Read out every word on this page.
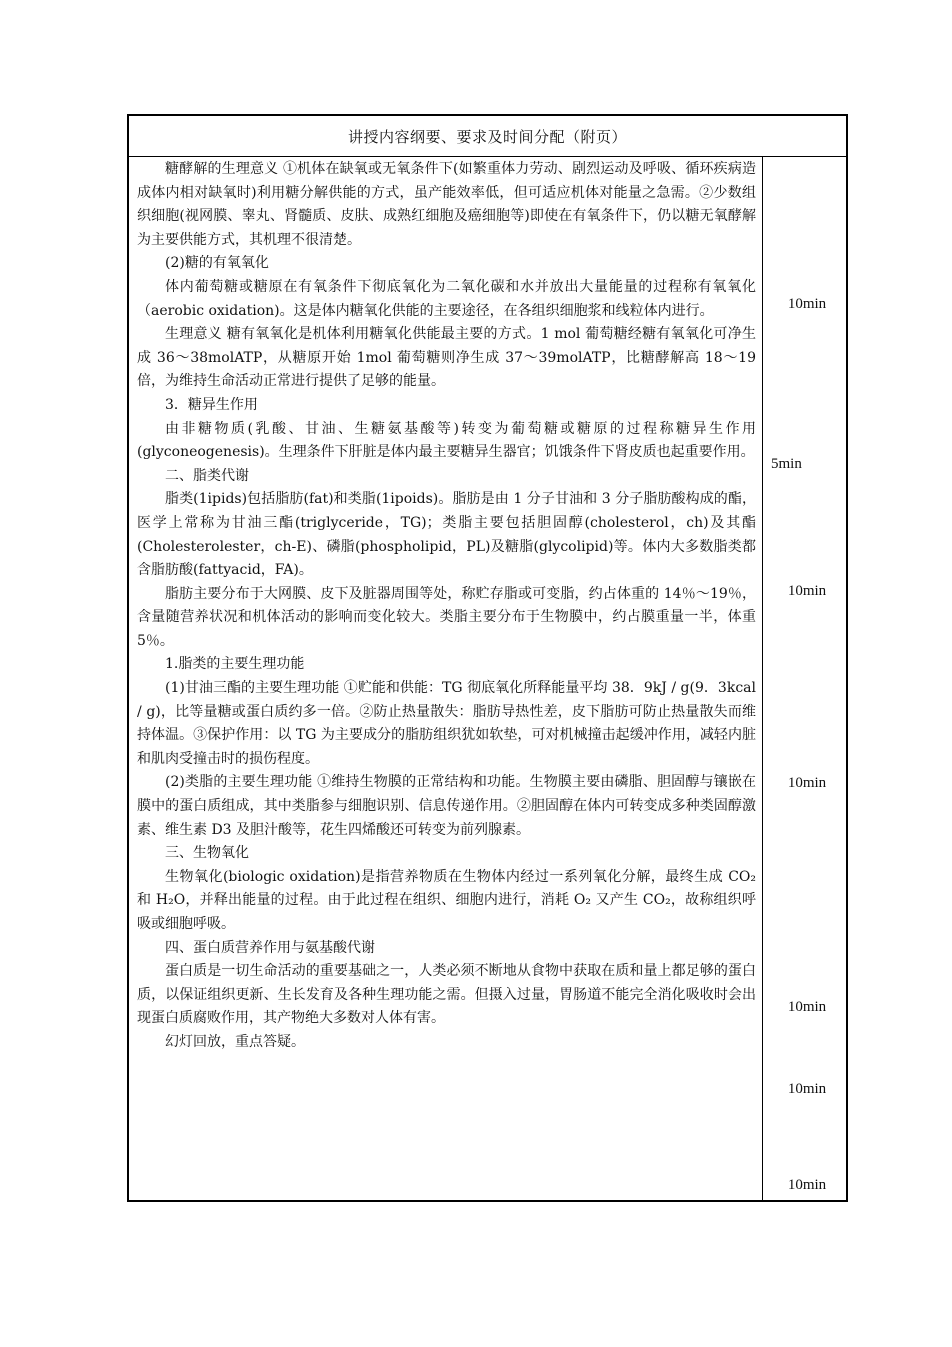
讲授内容纲要、要求及时间分配（附页）

糖酵解的生理意义 ①机体在缺氧或无氧条件下(如繁重体力劳动、剧烈运动及呼吸、循环疾病造成体内相对缺氧时)利用糖分解供能的方式，虽产能效率低，但可适应机体对能量之急需。②少数组织细胞(视网膜、睾丸、肾髓质、皮肤、成熟红细胞及癌细胞等)即使在有氧条件下，仍以糖无氧酵解为主要供能方式，其机理不很清楚。

(2)糖的有氧氧化

体内葡萄糖或糖原在有氧条件下彻底氧化为二氧化碳和水并放出大量能量的过程称有氧氧化（aerobic oxidation)。这是体内糖氧化供能的主要途径，在各组织细胞浆和线粒体内进行。

生理意义 糖有氧氧化是机体利用糖氧化供能最主要的方式。1 mol 葡萄糖经糖有氧氧化可净生成 36～38molATP，从糖原开始 1mol 葡萄糖则净生成 37～39molATP，比糖酵解高 18～19 倍，为维持生命活动正常进行提供了足够的能量。

3．糖异生作用

由非糖物质(乳酸、甘油、生糖氨基酸等)转变为葡萄糖或糖原的过程称糖异生作用(glyconeogenesis)。生理条件下肝脏是体内最主要糖异生器官；饥饿条件下肾皮质也起重要作用。

二、脂类代谢

脂类(1ipids)包括脂肪(fat)和类脂(1ipoids)。脂肪是由 1 分子甘油和 3 分子脂肪酸构成的酯，医学上常称为甘油三酯(triglyceride，TG)；类脂主要包括胆固醇(cholesterol，ch)及其酯(Cholesterolester，ch-E)、磷脂(phospholipid，PL)及糖脂(glycolipid)等。体内大多数脂类都含脂肪酸(fattyacid，FA)。

脂肪主要分布于大网膜、皮下及脏器周围等处，称贮存脂或可变脂，约占体重的 14％～19％，含量随营养状况和机体活动的影响而变化较大。类脂主要分布于生物膜中，约占膜重量一半，体重 5％。

1.脂类的主要生理功能

(1)甘油三酯的主要生理功能 ①贮能和供能：TG 彻底氧化所释能量平均 38．9kJ / g(9．3kcal / g)，比等量糖或蛋白质约多一倍。②防止热量散失：脂肪导热性差，皮下脂肪可防止热量散失而维持体温。③保护作用：以 TG 为主要成分的脂肪组织犹如软垫，可对机械撞击起缓冲作用，减轻内脏和肌肉受撞击时的损伤程度。

(2)类脂的主要生理功能 ①维持生物膜的正常结构和功能。生物膜主要由磷脂、胆固醇与镶嵌在膜中的蛋白质组成，其中类脂参与细胞识别、信息传递作用。②胆固醇在体内可转变成多种类固醇激素、维生素 D3 及胆汁酸等，花生四烯酸还可转变为前列腺素。

三、生物氧化

生物氧化(biologic oxidation)是指营养物质在生物体内经过一系列氧化分解，最终生成 CO₂ 和 H₂O，并释出能量的过程。由于此过程在组织、细胞内进行，消耗 O₂ 又产生 CO₂，故称组织呼吸或细胞呼吸。

四、蛋白质营养作用与氨基酸代谢

蛋白质是一切生命活动的重要基础之一，人类必须不断地从食物中获取在质和量上都足够的蛋白质，以保证组织更新、生长发育及各种生理功能之需。但摄入过量，胃肠道不能完全消化吸收时会出现蛋白质腐败作用，其产物绝大多数对人体有害。

幻灯回放，重点答疑。

10min
5min
10min
10min
10min
10min
10min
